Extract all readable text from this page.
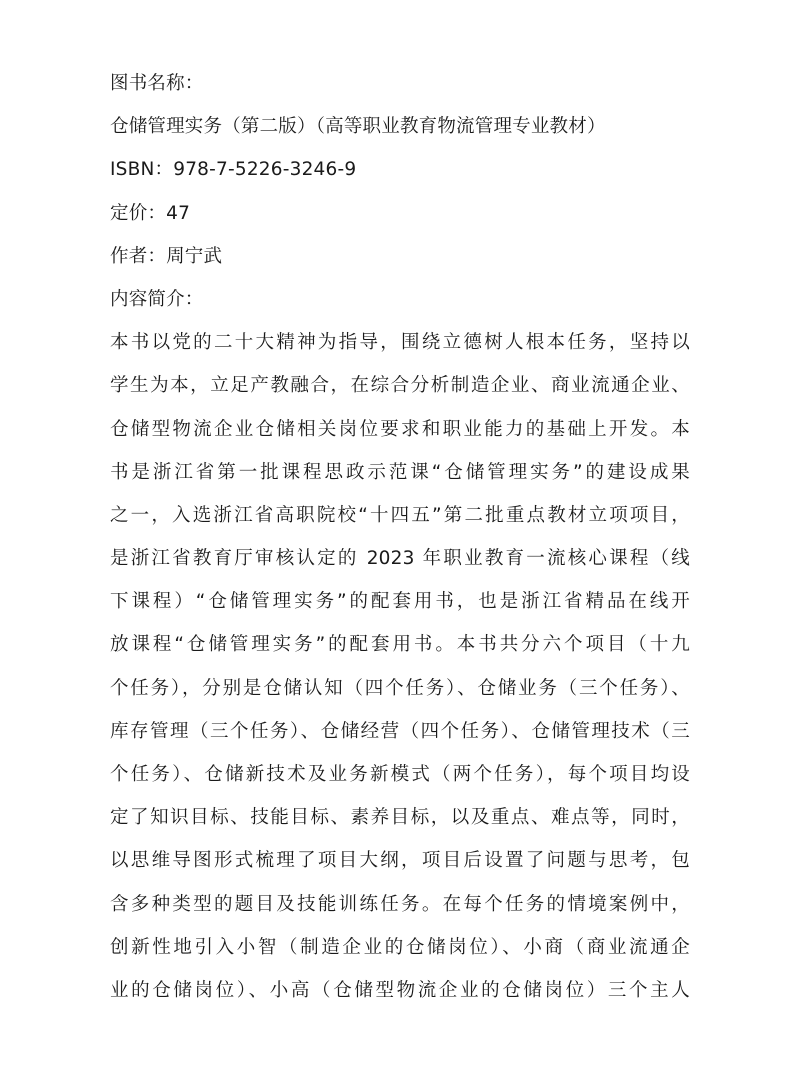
图书名称：
仓储管理实务（第二版）（高等职业教育物流管理专业教材）
ISBN：978-7-5226-3246-9
定价：47
作者：周宁武
内容简介：
本书以党的二十大精神为指导，围绕立德树人根本任务，坚持以
学生为本，立足产教融合，在综合分析制造企业、商业流通企业、
仓储型物流企业仓储相关岗位要求和职业能力的基础上开发。本
书是浙江省第一批课程思政示范课“仓储管理实务”的建设成果
之一，入选浙江省高职院校“十四五”第二批重点教材立项项目，
是浙江省教育厅审核认定的 2023 年职业教育一流核心课程（线
下课程）“仓储管理实务”的配套用书，也是浙江省精品在线开
放课程“仓储管理实务”的配套用书。本书共分六个项目（十九
个任务），分别是仓储认知（四个任务）、仓储业务（三个任务）、
库存管理（三个任务）、仓储经营（四个任务）、仓储管理技术（三
个任务）、仓储新技术及业务新模式（两个任务），每个项目均设
定了知识目标、技能目标、素养目标，以及重点、难点等，同时，
以思维导图形式梳理了项目大纲，项目后设置了问题与思考，包
含多种类型的题目及技能训练任务。在每个任务的情境案例中，
创新性地引入小智（制造企业的仓储岗位）、小商（商业流通企
业的仓储岗位）、小高（仓储型物流企业的仓储岗位）三个主人
